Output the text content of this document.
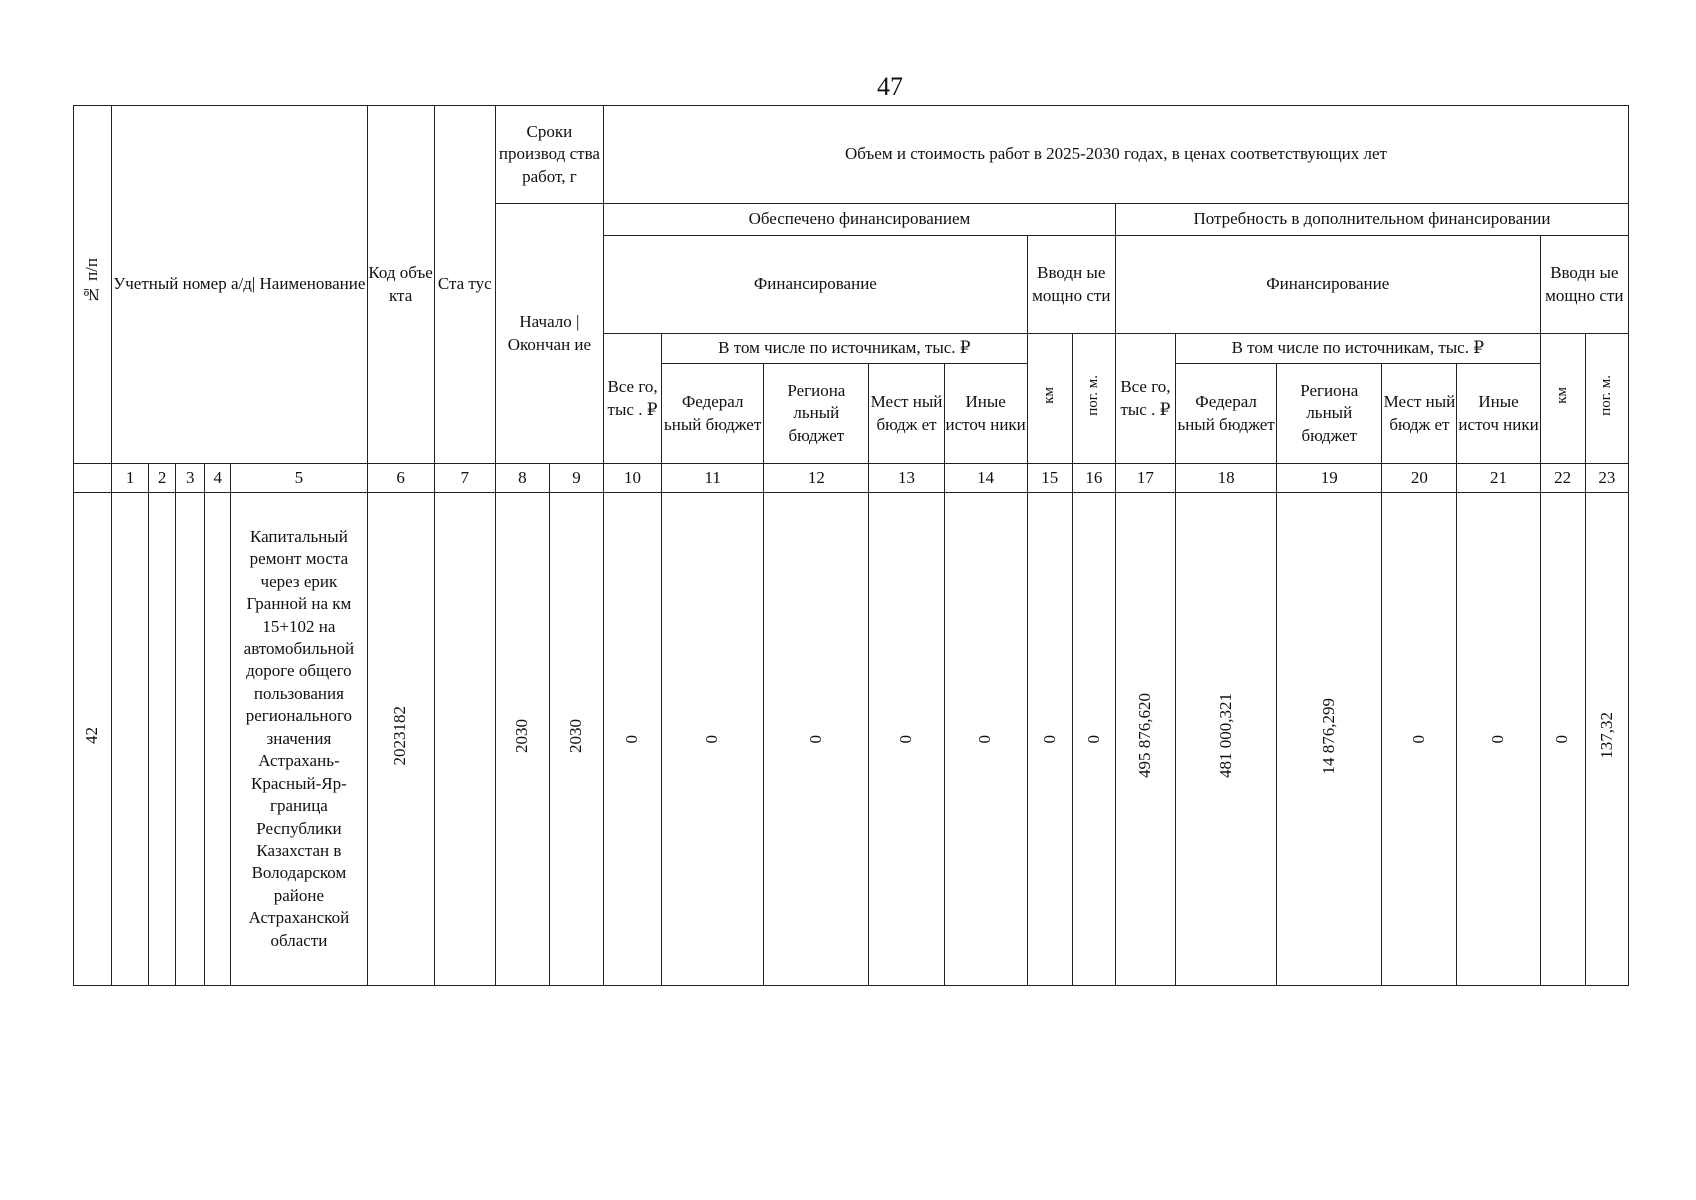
47
№ п/п	Учетный номер а/д| Наименование					Код объе кта	Ста тус	Сроки производ ства работ, г		Объем и стоимость работ в 2025-2030 годах, в ценах соответствующих лет													
								Начало | Окончан ие		Обеспечено финансированием							Потребность в дополнительном финансировании						
										Финансирование					Вводн ые мощно сти		Финансирование					Вводн ые мощно сти	
										Все го, тыс . ₽	В том числе по источникам, тыс. ₽				км	пог. м.	Все го, тыс . ₽	В том числе по источникам, тыс. ₽				км	пог. м.
											Федерал ьный бюджет	Региона льный бюджет	Мест ный бюдж ет	Иные источ ники				Федерал ьный бюджет	Региона льный бюджет	Мест ный бюдж ет	Иные источ ники		
	1	2	3	4	5	6	7	8	9	10	11	12	13	14	15	16	17	18	19	20	21	22	23
42					Капитальный ремонт моста через ерик Гранной на км 15+102 на автомобильной дороге общего пользования регионального значения Астрахань-Красный-Яр-граница Республики Казахстан в Володарском районе Астраханской области	2023182		2030	2030	0	0	0	0	0	0	0	495 876,620	481 000,321	14 876,299	0	0	0	137,32
